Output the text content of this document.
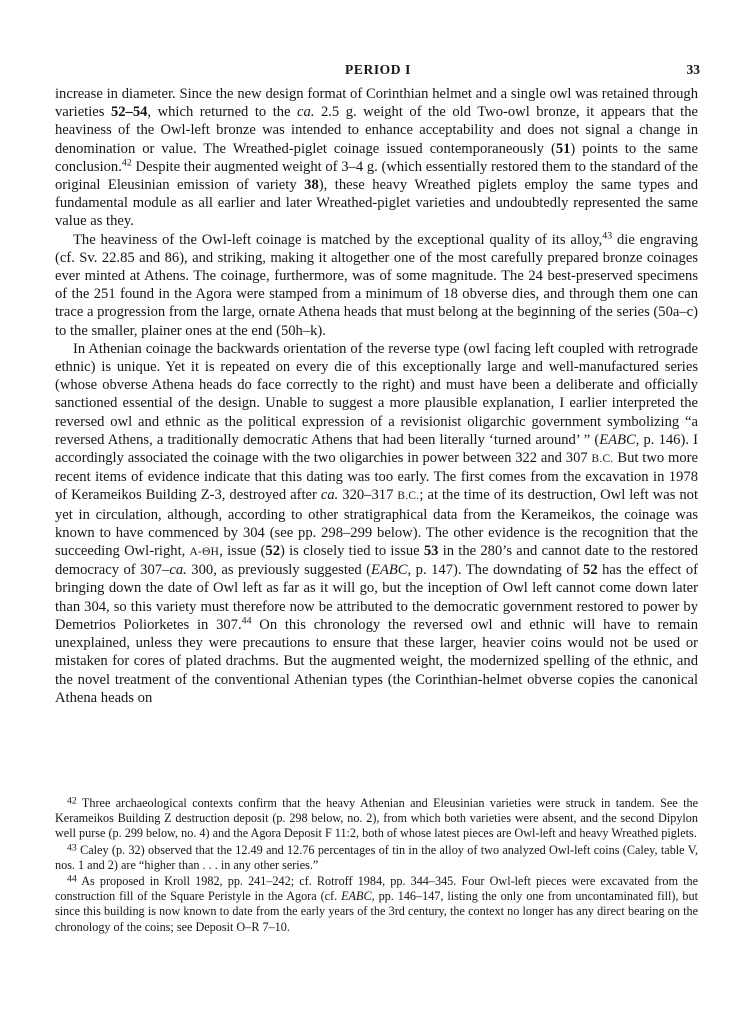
PERIOD I	33

increase in diameter. Since the new design format of Corinthian helmet and a single owl was retained through varieties 52–54, which returned to the ca. 2.5 g. weight of the old Two-owl bronze, it appears that the heaviness of the Owl-left bronze was intended to enhance acceptability and does not signal a change in denomination or value. The Wreathed-piglet coinage issued contemporaneously (51) points to the same conclusion.$^{42}$ Despite their augmented weight of 3–4 g. (which essentially restored them to the standard of the original Eleusinian emission of variety 38), these heavy Wreathed piglets employ the same types and fundamental module as all earlier and later Wreathed-piglet varieties and undoubtedly represented the same value as they.

The heaviness of the Owl-left coinage is matched by the exceptional quality of its alloy,$^{43}$ die engraving (cf. Sv. 22.85 and 86), and striking, making it altogether one of the most carefully prepared bronze coinages ever minted at Athens. The coinage, furthermore, was of some magnitude. The 24 best-preserved specimens of the 251 found in the Agora were stamped from a minimum of 18 obverse dies, and through them one can trace a progression from the large, ornate Athena heads that must belong at the beginning of the series (50a–c) to the smaller, plainer ones at the end (50h–k).

In Athenian coinage the backwards orientation of the reverse type (owl facing left coupled with retrograde ethnic) is unique. Yet it is repeated on every die of this exceptionally large and well-manufactured series (whose obverse Athena heads do face correctly to the right) and must have been a deliberate and officially sanctioned essential of the design. Unable to suggest a more plausible explanation, I earlier interpreted the reversed owl and ethnic as the political expression of a revisionist oligarchic government symbolizing “a reversed Athens, a traditionally democratic Athens that had been literally ‘turned around’ ” (EABC, p. 146). I accordingly associated the coinage with the two oligarchies in power between 322 and 307 B.C. But two more recent items of evidence indicate that this dating was too early. The first comes from the excavation in 1978 of Kerameikos Building Z-3, destroyed after ca. 320–317 B.C.; at the time of its destruction, Owl left was not yet in circulation, although, according to other stratigraphical data from the Kerameikos, the coinage was known to have commenced by 304 (see pp. 298–299 below). The other evidence is the recognition that the succeeding Owl-right, Α-ΘΗ, issue (52) is closely tied to issue 53 in the 280’s and cannot date to the restored democracy of 307–ca. 300, as previously suggested (EABC, p. 147). The downdating of 52 has the effect of bringing down the date of Owl left as far as it will go, but the inception of Owl left cannot come down later than 304, so this variety must therefore now be attributed to the democratic government restored to power by Demetrios Poliorketes in 307.44 On this chronology the reversed owl and ethnic will have to remain unexplained, unless they were precautions to ensure that these larger, heavier coins would not be used or mistaken for cores of plated drachms. But the augmented weight, the modernized spelling of the ethnic, and the novel treatment of the conventional Athenian types (the Corinthian-helmet obverse copies the canonical Athena heads on

$^{42}$ Three archaeological contexts confirm that the heavy Athenian and Eleusinian varieties were struck in tandem. See the Kerameikos Building Z destruction deposit (p. 298 below, no. 2), from which both varieties were absent, and the second Dipylon well purse (p. 299 below, no. 4) and the Agora Deposit F 11:2, both of whose latest pieces are Owl-left and heavy Wreathed piglets.

$^{43}$ Caley (p. 32) observed that the 12.49 and 12.76 percentages of tin in the alloy of two analyzed Owl-left coins (Caley, table V, nos. 1 and 2) are “higher than . . . in any other series.”

$^{44}$ As proposed in Kroll 1982, pp. 241–242; cf. Rotroff 1984, pp. 344–345. Four Owl-left pieces were excavated from the construction fill of the Square Peristyle in the Agora (cf. EABC, pp. 146–147, listing the only one from uncontaminated fill), but since this building is now known to date from the early years of the 3rd century, the context no longer has any direct bearing on the chronology of the coins; see Deposit O–R 7–10.
